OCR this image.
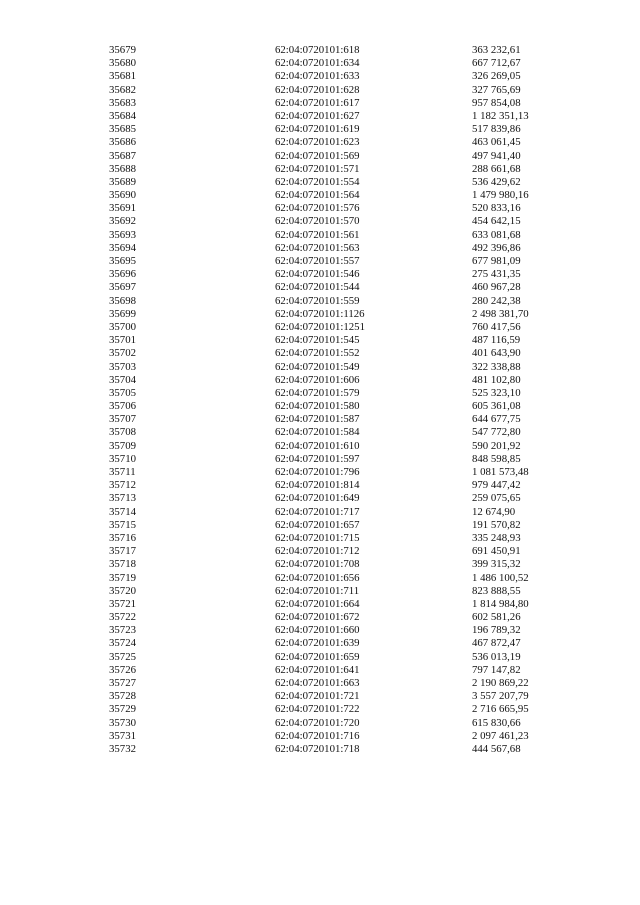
35679	62:04:0720101:618	363 232,61
35680	62:04:0720101:634	667 712,67
35681	62:04:0720101:633	326 269,05
35682	62:04:0720101:628	327 765,69
35683	62:04:0720101:617	957 854,08
35684	62:04:0720101:627	1 182 351,13
35685	62:04:0720101:619	517 839,86
35686	62:04:0720101:623	463 061,45
35687	62:04:0720101:569	497 941,40
35688	62:04:0720101:571	288 661,68
35689	62:04:0720101:554	536 429,62
35690	62:04:0720101:564	1 479 980,16
35691	62:04:0720101:576	520 833,16
35692	62:04:0720101:570	454 642,15
35693	62:04:0720101:561	633 081,68
35694	62:04:0720101:563	492 396,86
35695	62:04:0720101:557	677 981,09
35696	62:04:0720101:546	275 431,35
35697	62:04:0720101:544	460 967,28
35698	62:04:0720101:559	280 242,38
35699	62:04:0720101:1126	2 498 381,70
35700	62:04:0720101:1251	760 417,56
35701	62:04:0720101:545	487 116,59
35702	62:04:0720101:552	401 643,90
35703	62:04:0720101:549	322 338,88
35704	62:04:0720101:606	481 102,80
35705	62:04:0720101:579	525 323,10
35706	62:04:0720101:580	605 361,08
35707	62:04:0720101:587	644 677,75
35708	62:04:0720101:584	547 772,80
35709	62:04:0720101:610	590 201,92
35710	62:04:0720101:597	848 598,85
35711	62:04:0720101:796	1 081 573,48
35712	62:04:0720101:814	979 447,42
35713	62:04:0720101:649	259 075,65
35714	62:04:0720101:717	12 674,90
35715	62:04:0720101:657	191 570,82
35716	62:04:0720101:715	335 248,93
35717	62:04:0720101:712	691 450,91
35718	62:04:0720101:708	399 315,32
35719	62:04:0720101:656	1 486 100,52
35720	62:04:0720101:711	823 888,55
35721	62:04:0720101:664	1 814 984,80
35722	62:04:0720101:672	602 581,26
35723	62:04:0720101:660	196 789,32
35724	62:04:0720101:639	467 872,47
35725	62:04:0720101:659	536 013,19
35726	62:04:0720101:641	797 147,82
35727	62:04:0720101:663	2 190 869,22
35728	62:04:0720101:721	3 557 207,79
35729	62:04:0720101:722	2 716 665,95
35730	62:04:0720101:720	615 830,66
35731	62:04:0720101:716	2 097 461,23
35732	62:04:0720101:718	444 567,68
